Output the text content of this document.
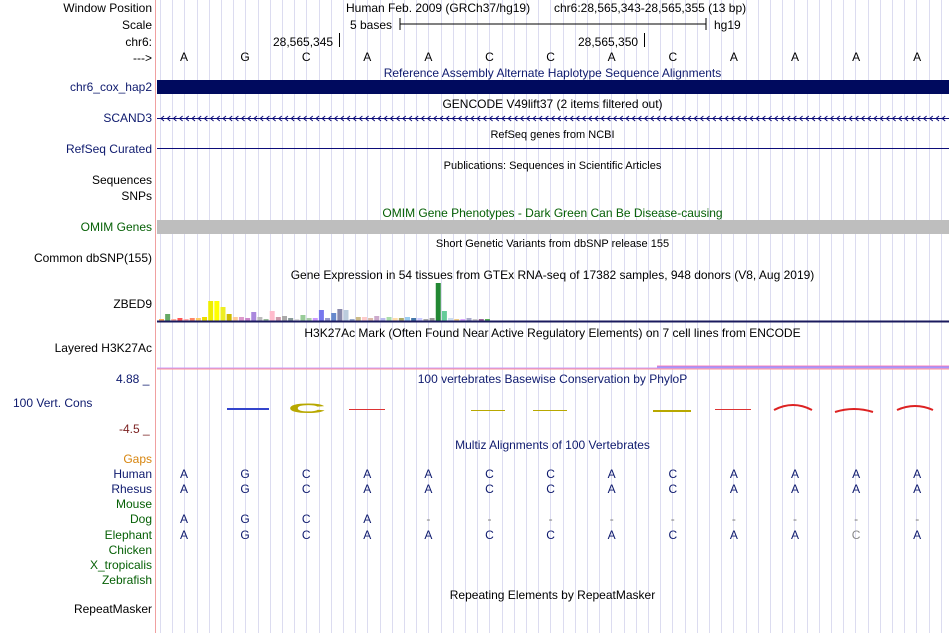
Window Position
Scale
chr6:
--->
Human Feb. 2009 (GRCh37/hg19) chr6:28,565,343-28,565,355 (13 bp)
5 bases	hg19
28,565,345	28,565,350
A	G	C	A	A	C	C	A	C	A	A	A	A
Reference Assembly Alternate Haplotype Sequence Alignments
chr6_cox_hap2
GENCODE V49lift37 (2 items filtered out)
SCAND3
RefSeq genes from NCBI
RefSeq Curated
Publications: Sequences in Scientific Articles
Sequences
SNPs
OMIM Gene Phenotypes - Dark Green Can Be Disease-causing
OMIM Genes
Short Genetic Variants from dbSNP release 155
Common dbSNP(155)
Gene Expression in 54 tissues from GTEx RNA-seq of 17382 samples, 948 donors (V8, Aug 2019)
ZBED9
H3K27Ac Mark (Often Found Near Active Regulatory Elements) on 7 cell lines from ENCODE
Layered H3K27Ac
100 vertebrates Basewise Conservation by PhyloP
4.88 _
100 Vert. Cons
-4.5 _
C
Multiz Alignments of 100 Vertebrates
Gaps
Human A	G	C	A	A	C	C	A	C	A	A	A	A
Rhesus A	G	C	A	A	C	C	A	C	A	A	A	A
Mouse
Dog A	G	C	A	-	-	-	-	-	-	-	-	-
Elephant A	G	C	A	A	C	C	A	C	A	A	C	A
Chicken
X_tropicalis
Zebrafish
Repeating Elements by RepeatMasker
RepeatMasker
